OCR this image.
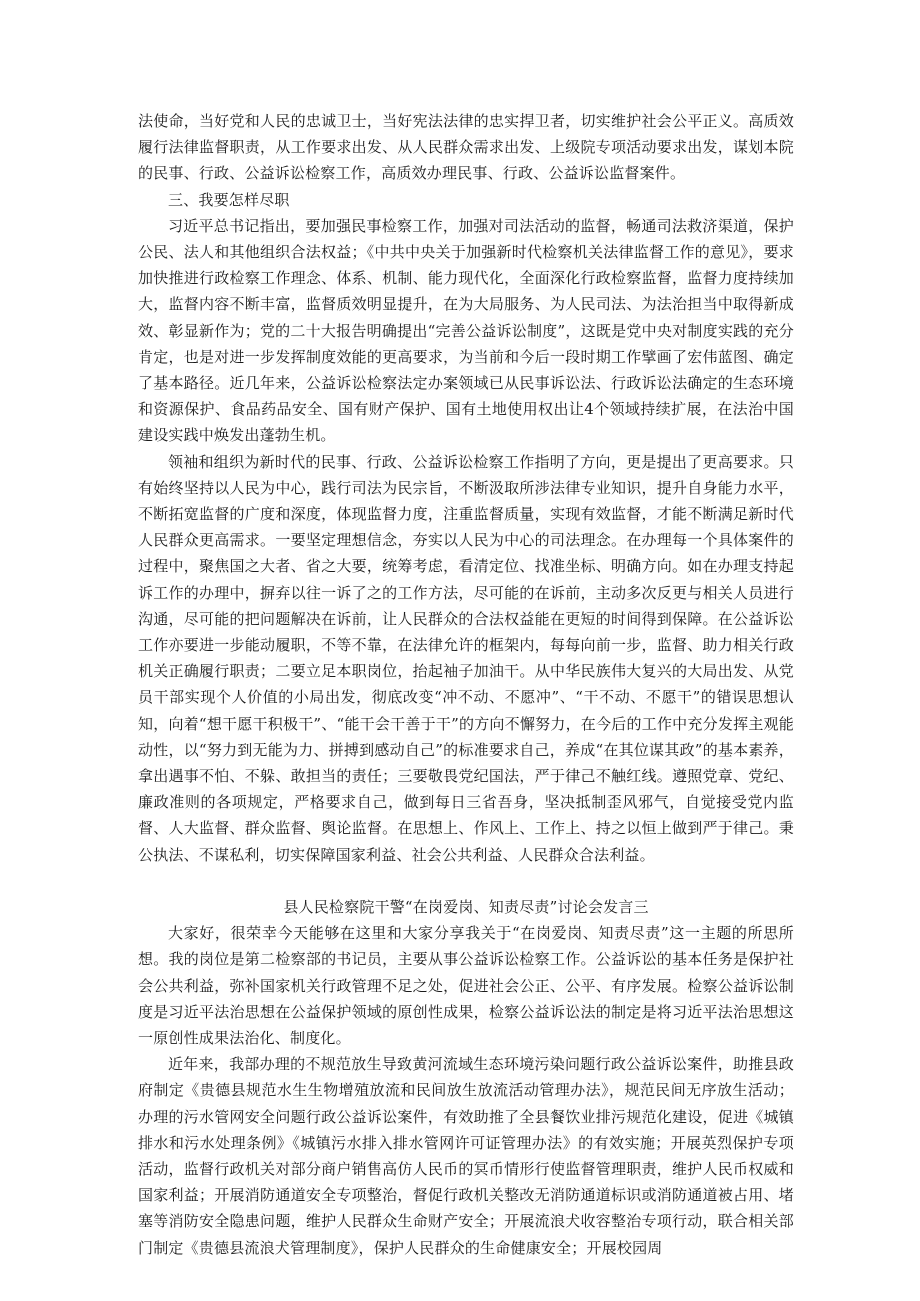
法使命，当好党和人民的忠诚卫士，当好宪法法律的忠实捍卫者，切实维护社会公平正义。高质效履行法律监督职责，从工作要求出发、从人民群众需求出发、上级院专项活动要求出发，谋划本院的民事、行政、公益诉讼检察工作，高质效办理民事、行政、公益诉讼监督案件。

三、我要怎样尽职

习近平总书记指出，要加强民事检察工作，加强对司法活动的监督，畅通司法救济渠道，保护公民、法人和其他组织合法权益；《中共中央关于加强新时代检察机关法律监督工作的意见》，要求加快推进行政检察工作理念、体系、机制、能力现代化，全面深化行政检察监督，监督力度持续加大，监督内容不断丰富，监督质效明显提升，在为大局服务、为人民司法、为法治担当中取得新成效、彰显新作为；党的二十大报告明确提出“完善公益诉讼制度”，这既是党中央对制度实践的充分肯定，也是对进一步发挥制度效能的更高要求，为当前和今后一段时期工作擘画了宏伟蓝图、确定了基本路径。近几年来，公益诉讼检察法定办案领域已从民事诉讼法、行政诉讼法确定的生态环境和资源保护、食品药品安全、国有财产保护、国有土地使用权出让4个领域持续扩展，在法治中国建设实践中焕发出蓬勃生机。

领袖和组织为新时代的民事、行政、公益诉讼检察工作指明了方向，更是提出了更高要求。只有始终坚持以人民为中心，践行司法为民宗旨，不断汲取所涉法律专业知识，提升自身能力水平，不断拓宽监督的广度和深度，体现监督力度，注重监督质量，实现有效监督，才能不断满足新时代人民群众更高需求。一要坚定理想信念，夯实以人民为中心的司法理念。在办理每一个具体案件的过程中，聚焦国之大者、省之大要，统筹考虑，看清定位、找准坐标、明确方向。如在办理支持起诉工作的办理中，摒弃以往一诉了之的工作方法，尽可能的在诉前，主动多次反更与相关人员进行沟通，尽可能的把问题解决在诉前，让人民群众的合法权益能在更短的时间得到保障。在公益诉讼工作亦要进一步能动履职，不等不靠，在法律允许的框架内，每每向前一步，监督、助力相关行政机关正确履行职责；二要立足本职岗位，抬起袖子加油干。从中华民族伟大复兴的大局出发、从党员干部实现个人价值的小局出发，彻底改变“冲不动、不愿冲”、“干不动、不愿干”的错误思想认知，向着“想干愿干积极干”、“能干会干善于干”的方向不懈努力，在今后的工作中充分发挥主观能动性，以“努力到无能为力、拼搏到感动自己”的标准要求自己，养成“在其位谋其政”的基本素养，拿出遇事不怕、不躲、敢担当的责任；三要敬畏党纪国法，严于律己不触红线。遵照党章、党纪、廉政准则的各项规定，严格要求自己，做到每日三省吾身，坚决抵制歪风邪气，自觉接受党内监督、人大监督、群众监督、舆论监督。在思想上、作风上、工作上、持之以恒上做到严于律己。秉公执法、不谋私利，切实保障国家利益、社会公共利益、人民群众合法利益。

县人民检察院干警“在岗爱岗、知责尽责”讨论会发言三

大家好，很荣幸今天能够在这里和大家分享我关于“在岗爱岗、知责尽责”这一主题的所思所想。我的岗位是第二检察部的书记员，主要从事公益诉讼检察工作。公益诉讼的基本任务是保护社会公共利益，弥补国家机关行政管理不足之处，促进社会公正、公平、有序发展。检察公益诉讼制度是习近平法治思想在公益保护领域的原创性成果，检察公益诉讼法的制定是将习近平法治思想这一原创性成果法治化、制度化。

近年来，我部办理的不规范放生导致黄河流域生态环境污染问题行政公益诉讼案件，助推县政府制定《贵德县规范水生生物增殖放流和民间放生放流活动管理办法》，规范民间无序放生活动；办理的污水管网安全问题行政公益诉讼案件，有效助推了全县餐饮业排污规范化建设，促进《城镇排水和污水处理条例》《城镇污水排入排水管网许可证管理办法》的有效实施；开展英烈保护专项活动，监督行政机关对部分商户销售高仿人民币的冥币情形行使监督管理职责，维护人民币权威和国家利益；开展消防通道安全专项整治，督促行政机关整改无消防通道标识或消防通道被占用、堵塞等消防安全隐患问题，维护人民群众生命财产安全；开展流浪犬收容整治专项行动，联合相关部门制定《贵德县流浪犬管理制度》，保护人民群众的生命健康安全；开展校园周
